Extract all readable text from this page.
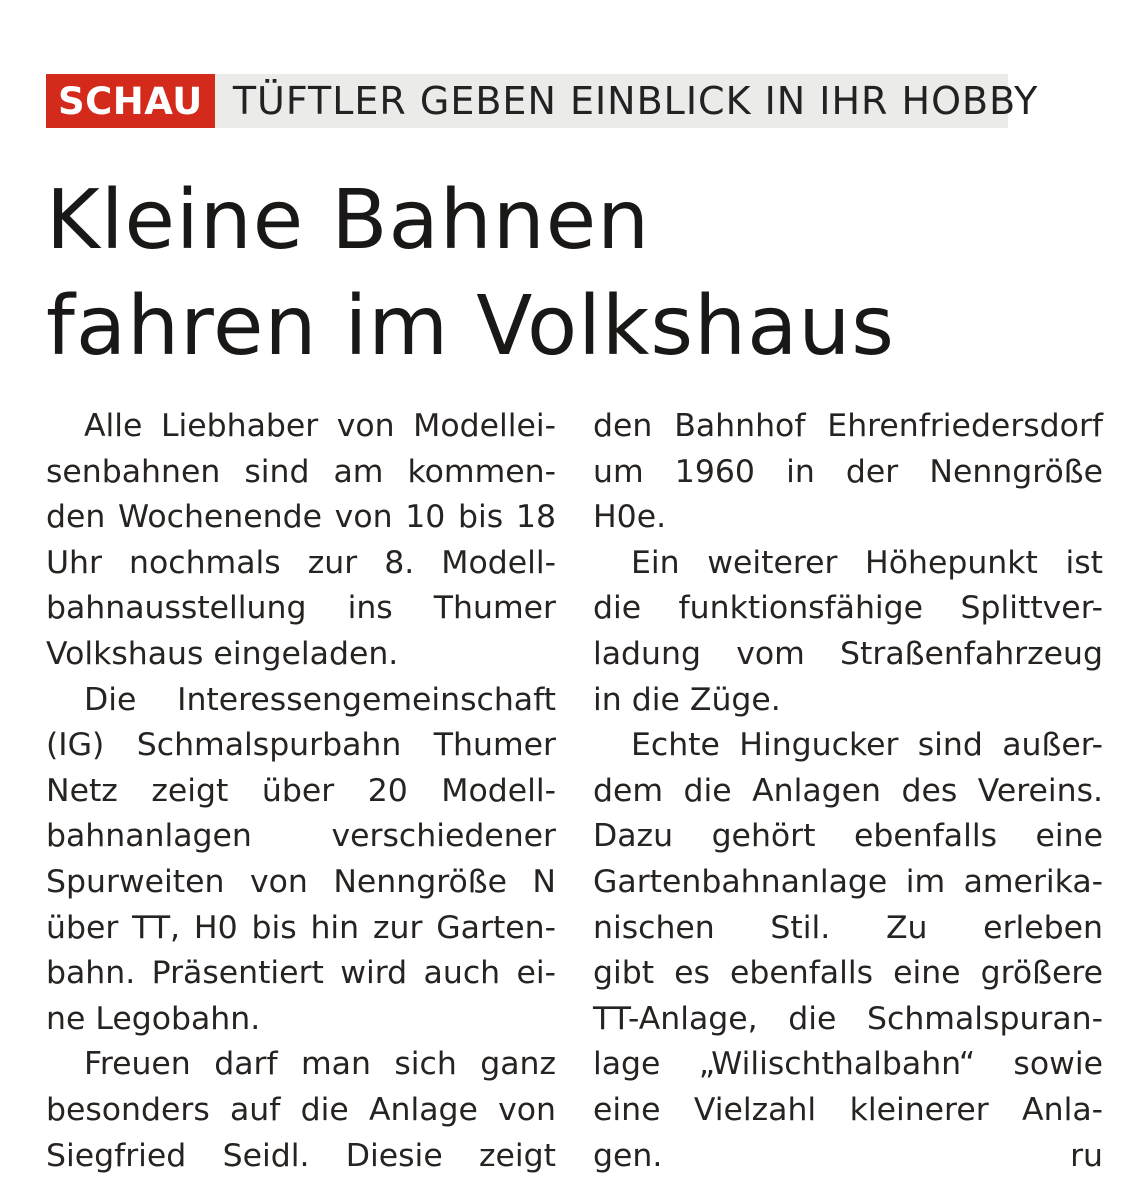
SCHAU TÜFTLER GEBEN EINBLICK IN IHR HOBBY
Kleine Bahnen
fahren im Volkshaus
Alle Liebhaber von Modellei-
senbahnen sind am kommen-
den Wochenende von 10 bis 18
Uhr nochmals zur 8. Modell-
bahnausstellung ins Thumer
Volkshaus eingeladen.
Die Interessengemeinschaft
(IG) Schmalspurbahn Thumer
Netz zeigt über 20 Modell-
bahnanlagen verschiedener
Spurweiten von Nenngröße N
über TT, H0 bis hin zur Garten-
bahn. Präsentiert wird auch ei-
ne Legobahn.
Freuen darf man sich ganz
besonders auf die Anlage von
Siegfried Seidl. Diesie zeigt
den Bahnhof Ehrenfriedersdorf
um 1960 in der Nenngröße
H0e.
Ein weiterer Höhepunkt ist
die funktionsfähige Splittver-
ladung vom Straßenfahrzeug
in die Züge.
Echte Hingucker sind außer-
dem die Anlagen des Vereins.
Dazu gehört ebenfalls eine
Gartenbahnanlage im amerika-
nischen Stil. Zu erleben
gibt es ebenfalls eine größere
TT-Anlage, die Schmalspuran-
lage „Wilischthalbahn“ sowie
eine Vielzahl kleinerer Anla-
gen.	ru
